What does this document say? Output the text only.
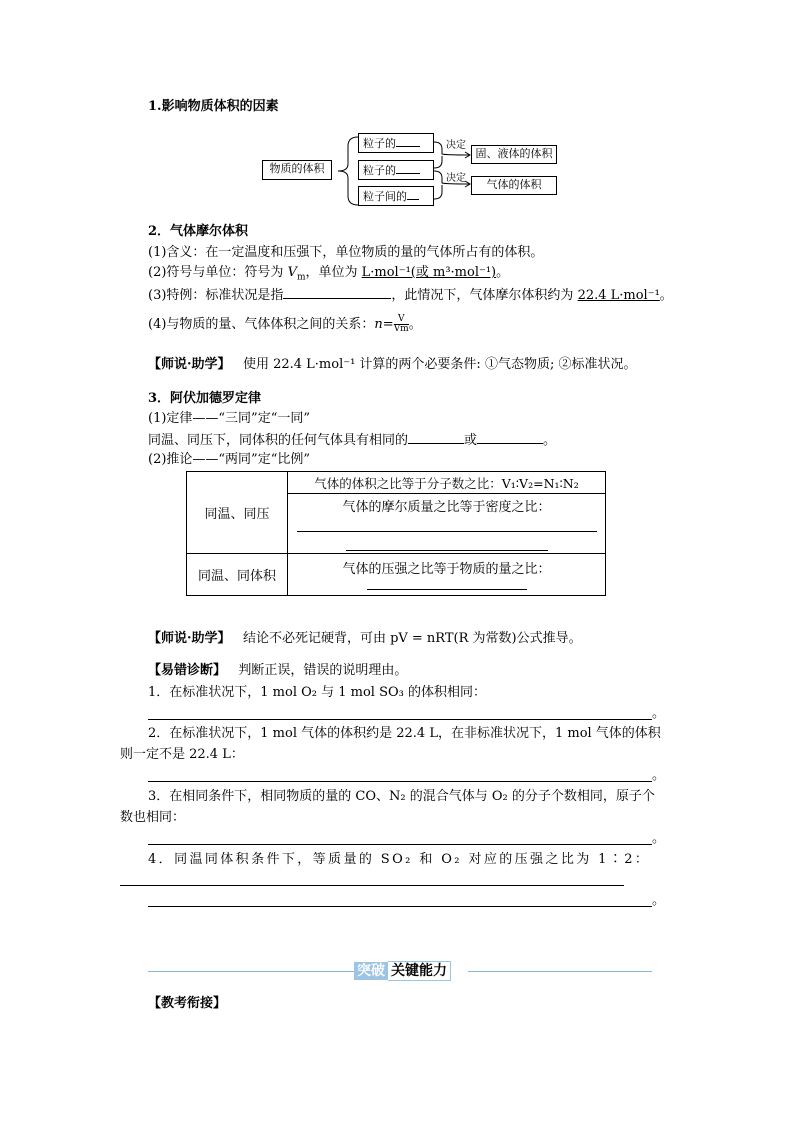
1.影响物质体积的因素
物质的体积
粒子的
粒子的
粒子间的
决定
决定
固、液体的体积
气体的体积
2．气体摩尔体积
(1)含义：在一定温度和压强下，单位物质的量的气体所占有的体积。
(2)符号与单位：符号为 $V_m$，单位为 L·mol⁻¹(或 m³·mol⁻¹)。
(3)特例：标准状况是指	，此情况下，气体摩尔体积约为 22.4 L·mol⁻¹。
(4)与物质的量、气体体积之间的关系：$n= \frac{V}{Vm}$ 。
【师说·助学】 使用 22.4 L·mol⁻¹ 计算的两个必要条件: ①气态物质; ②标准状况。
3．阿伏加德罗定律
(1)定律——“三同”定“一同”
同温、同压下，同体积的任何气体具有相同的	或	。
(2)推论——“两同”定“比例”
同温、同压	气体的体积之比等于分子数之比：V₁∶V₂=N₁∶N₂

	气体的摩尔质量之比等于密度之比：

同温、同体积	气体的压强之比等于物质的量之比：
【师说·助学】 结论不必死记硬背，可由 pV = nRT(R 为常数)公式推导。
【易错诊断】 判断正误，错误的说明理由。
1．在标准状况下，1 mol O₂ 与 1 mol SO₃ 的体积相同：
。
2．在标准状况下，1 mol 气体的体积约是 22.4 L，在非标准状况下，1 mol 气体的体积
则一定不是 22.4 L：
。
3．在相同条件下，相同物质的量的 CO、N₂ 的混合气体与 O₂ 的分子个数相同，原子个
数也相同：
。
4．同温同体积条件下，等质量的 SO₂ 和 O₂ 对应的压强之比为 1∶2：
。
突破 关键能力
【教考衔接】
